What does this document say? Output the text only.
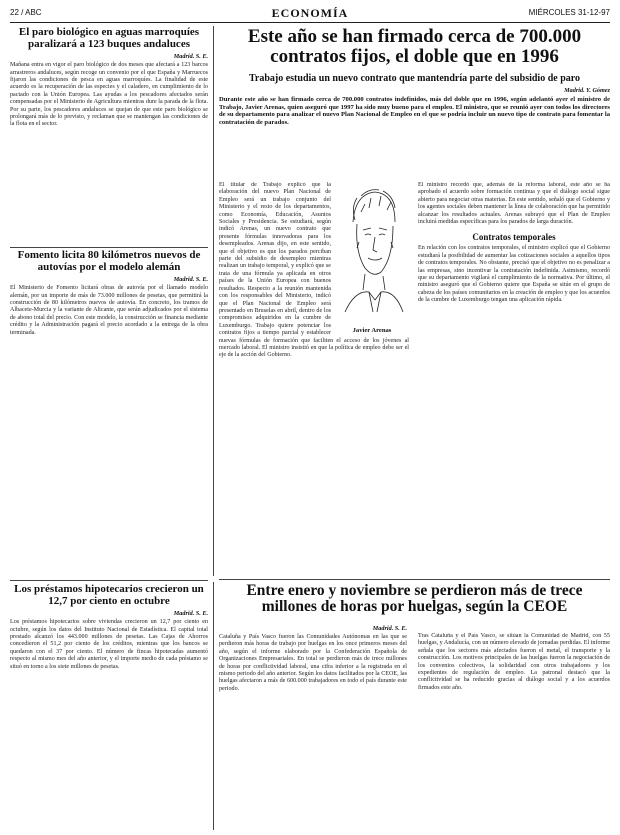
22 / ABC	ECONOMÍA	MIÉRCOLES 31-12-97
El paro biológico en aguas marroquíes paralizará a 123 buques andaluces
Madrid. S. E.
Mañana entra en vigor el paro biológico de dos meses que afectará a 123 barcos arrastreros andaluces, según recoge un convenio por el que España y Marruecos fijaron las condiciones de pesca en aguas marroquíes. La finalidad de este acuerdo es la recuperación de las especies y el caladero, en cumplimiento de lo pactado con la Unión Europea. Las ayudas a los pescadores afectados serán compensadas por el Ministerio de Agricultura mientras dure la parada de la flota. Por su parte, los pescadores andaluces se quejan de que este paro biológico se prolongará más de lo previsto, y reclaman que se mantengan las condiciones de la flota en el sector.
Fomento licita 80 kilómetros nuevos de autovías por el modelo alemán
Madrid. S. E.
El Ministerio de Fomento licitará obras de autovía por el llamado modelo alemán, por un importe de más de 73.000 millones de pesetas, que permitirá la construcción de 80 kilómetros nuevos de autovía. En concreto, los tramos de Albacete-Murcia y la variante de Alicante, que serán adjudicados por el sistema de abono total del precio. Con este modelo, la construcción se financia mediante crédito y la Administración pagará el precio acordado a la entrega de la obra terminada.
Los préstamos hipotecarios crecieron un 12,7 por ciento en octubre
Madrid. S. E.
Los préstamos hipotecarios sobre viviendas crecieron un 12,7 por ciento en octubre, según los datos del Instituto Nacional de Estadística. El capital total prestado alcanzó los 443.000 millones de pesetas. Las Cajas de Ahorros concedieron el 51,2 por ciento de los créditos, mientras que los bancos se quedaron con el 37 por ciento. El número de fincas hipotecadas aumentó respecto al mismo mes del año anterior, y el importe medio de cada préstamo se situó en torno a los siete millones de pesetas.
Este año se han firmado cerca de 700.000 contratos fijos, el doble que en 1996
Trabajo estudia un nuevo contrato que mantendría parte del subsidio de paro
Madrid. Y. Gómez
Durante este año se han firmado cerca de 700.000 contratos indefinidos, más del doble que en 1996, según adelantó ayer el ministro de Trabajo, Javier Arenas, quien aseguró que 1997 ha sido muy bueno para el empleo. El ministro, que se reunió ayer con todos los directores de su departamento para analizar el nuevo Plan Nacional de Empleo en el que se podría incluir un nuevo tipo de contrato para fomentar la contratación de parados.
Javier Arenas
El titular de Trabajo explicó que la elaboración del nuevo Plan Nacional de Empleo será un trabajo conjunto del Ministerio y el resto de los departamentos, como Economía, Educación, Asuntos Sociales y Presidencia. Se estudiará, según indicó Arenas, un nuevo contrato que presente fórmulas innovadoras para los desempleados. Arenas dijo, en este sentido, que el objetivo es que los parados perciban parte del subsidio de desempleo mientras realizan un trabajo temporal, y explicó que se trata de una fórmula ya aplicada en otros países de la Unión Europea con buenos resultados. Respecto a la reunión mantenida con los responsables del Ministerio, indicó que el Plan Nacional de Empleo será presentado en Bruselas en abril, dentro de los compromisos adquiridos en la cumbre de Luxemburgo. Trabajo quiere potenciar los contratos fijos a tiempo parcial y establecer nuevas fórmulas de formación que faciliten el acceso de los jóvenes al mercado laboral. El ministro insistió en que la política de empleo debe ser el eje de la acción del Gobierno.
El ministro recordó que, además de la reforma laboral, este año se ha aprobado el acuerdo sobre formación continua y que el diálogo social sigue abierto para negociar otras materias. En este sentido, señaló que el Gobierno y los agentes sociales deben mantener la línea de colaboración que ha permitido alcanzar los resultados actuales. Arenas subrayó que el Plan de Empleo incluirá medidas específicas para los parados de larga duración.
Contratos temporales
En relación con los contratos temporales, el ministro explicó que el Gobierno estudiará la posibilidad de aumentar las cotizaciones sociales a aquellos tipos de contratos temporales. No obstante, precisó que el objetivo no es penalizar a las empresas, sino incentivar la contratación indefinida. Asimismo, recordó que su departamento vigilará el cumplimiento de la normativa. Por último, el ministro aseguró que el Gobierno quiere que España se sitúe en el grupo de cabeza de los países comunitarios en la creación de empleo y que los acuerdos de la cumbre de Luxemburgo tengan una aplicación rápida.
Entre enero y noviembre se perdieron más de trece millones de horas por huelgas, según la CEOE
Madrid. S. E.
Cataluña y País Vasco fueron las Comunidades Autónomas en las que se perdieron más horas de trabajo por huelgas en los once primeros meses del año, según el informe elaborado por la Confederación Española de Organizaciones Empresariales. En total se perdieron más de trece millones de horas por conflictividad laboral, una cifra inferior a la registrada en el mismo periodo del año anterior. Según los datos facilitados por la CEOE, las huelgas afectaron a más de 600.000 trabajadores en todo el país durante este periodo.
Tras Cataluña y el País Vasco, se sitúan la Comunidad de Madrid, con 55 huelgas, y Andalucía, con un número elevado de jornadas perdidas. El informe señala que los sectores más afectados fueron el metal, el transporte y la construcción. Los motivos principales de las huelgas fueron la negociación de los convenios colectivos, la solidaridad con otros trabajadores y los expedientes de regulación de empleo. La patronal destacó que la conflictividad se ha reducido gracias al diálogo social y a los acuerdos firmados este año.
